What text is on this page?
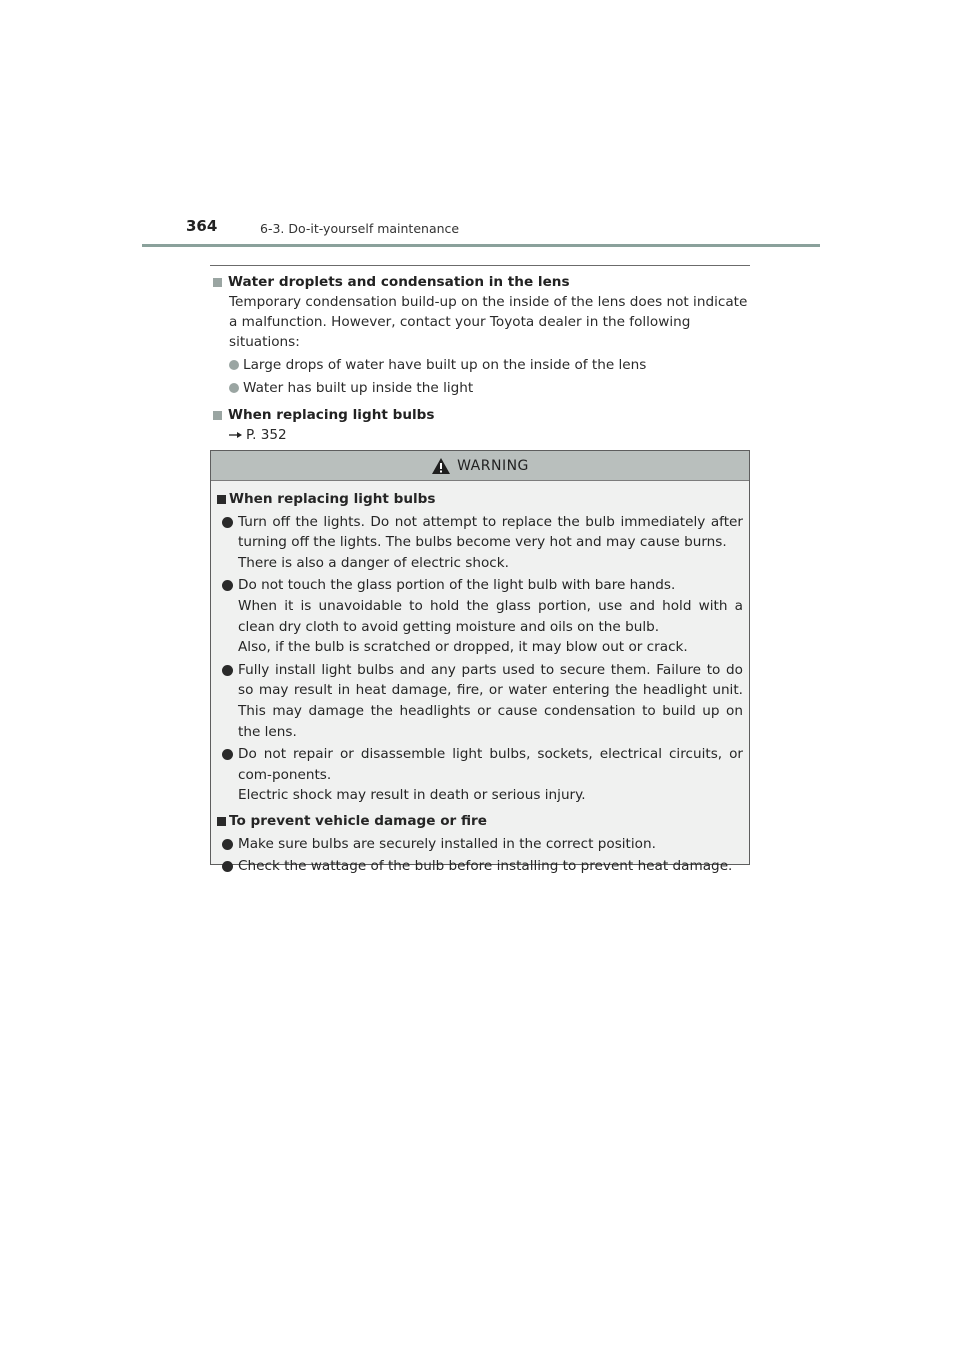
364	6-3. Do-it-yourself maintenance
Water droplets and condensation in the lens
Temporary condensation build-up on the inside of the lens does not indicate a malfunction. However, contact your Toyota dealer in the following situations:
Large drops of water have built up on the inside of the lens
Water has built up inside the light
When replacing light bulbs
P. 352
WARNING
When replacing light bulbs
Turn off the lights. Do not attempt to replace the bulb immediately after turning off the lights. The bulbs become very hot and may cause burns.
There is also a danger of electric shock.
Do not touch the glass portion of the light bulb with bare hands.
When it is unavoidable to hold the glass portion, use and hold with a clean dry cloth to avoid getting moisture and oils on the bulb.
Also, if the bulb is scratched or dropped, it may blow out or crack.
Fully install light bulbs and any parts used to secure them. Failure to do so may result in heat damage, fire, or water entering the headlight unit. This may damage the headlights or cause condensation to build up on the lens.
Do not repair or disassemble light bulbs, sockets, electrical circuits, or com-ponents.
Electric shock may result in death or serious injury.
To prevent vehicle damage or fire
Make sure bulbs are securely installed in the correct position.
Check the wattage of the bulb before installing to prevent heat damage.
